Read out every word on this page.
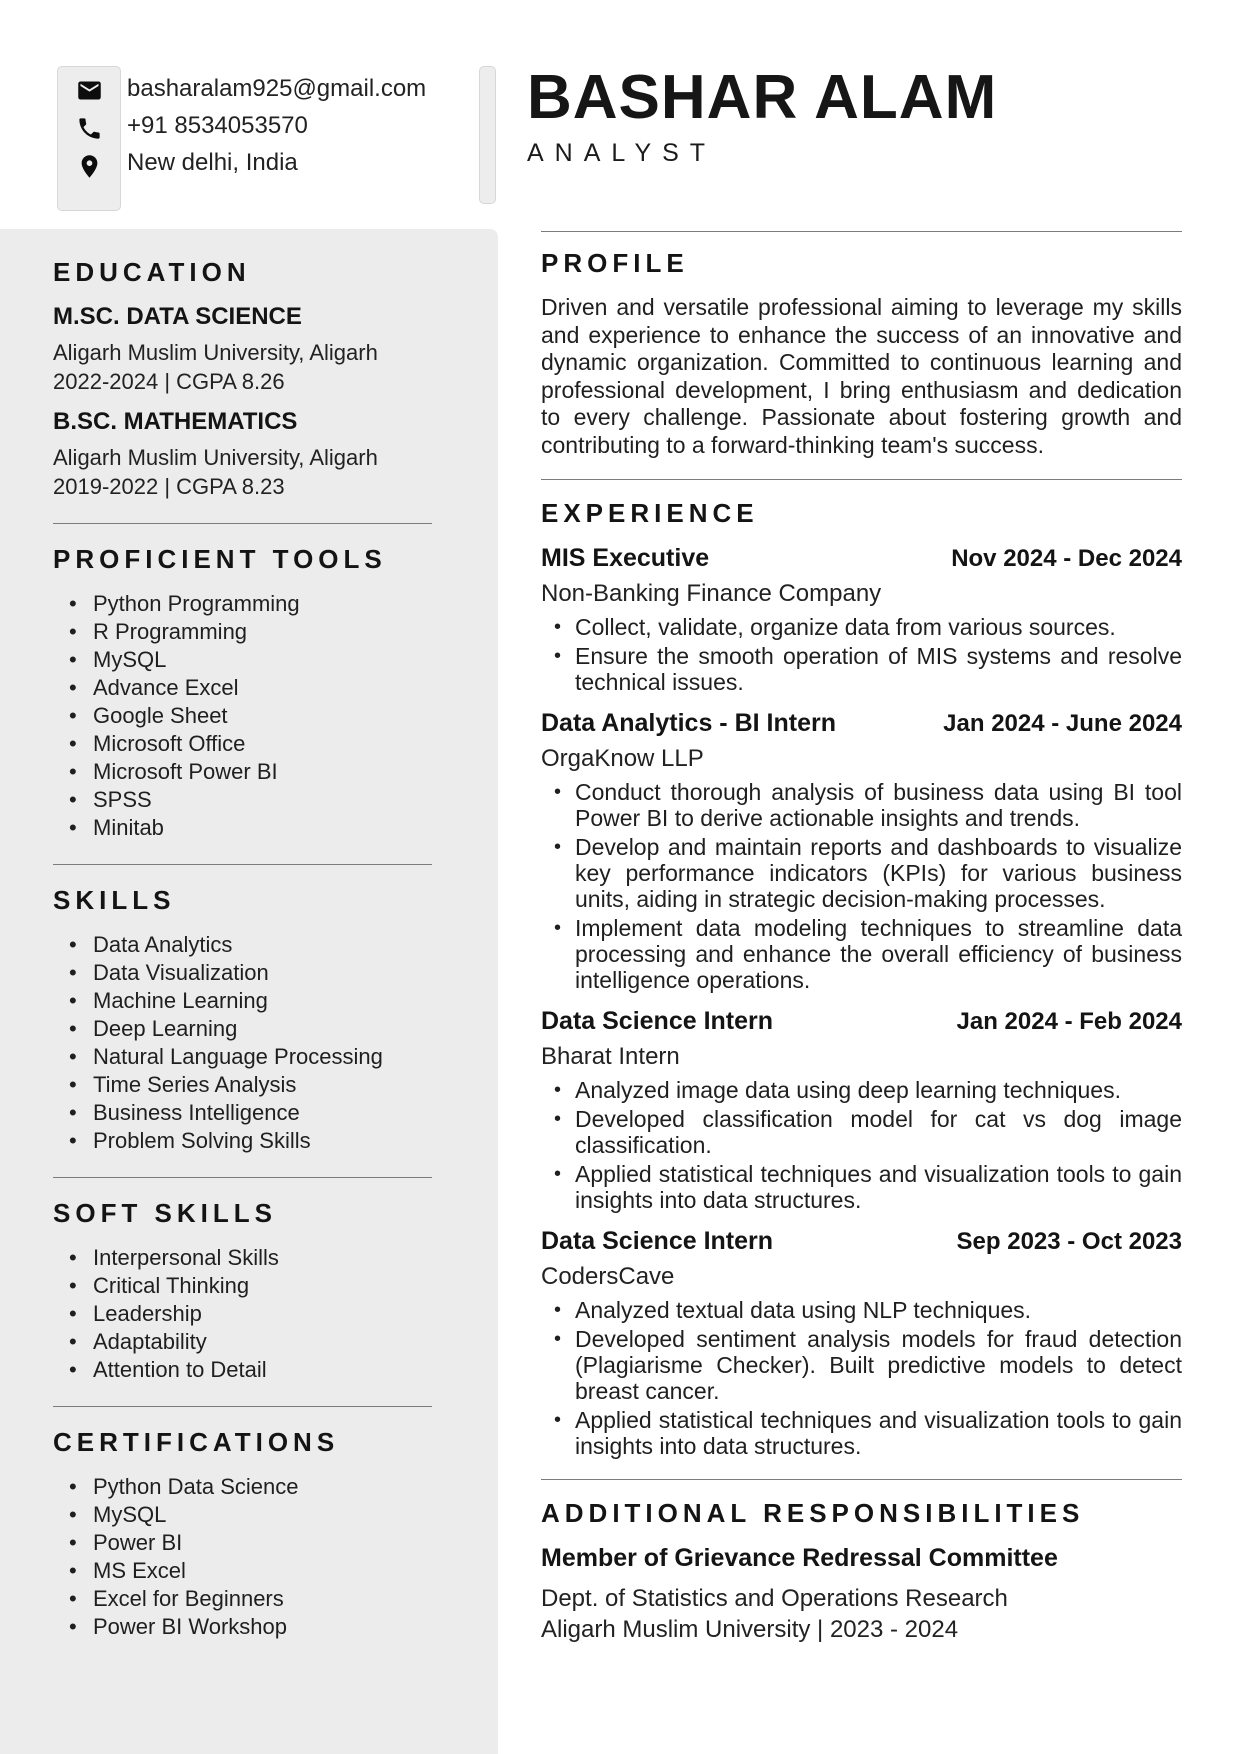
basharalam925@gmail.com
+91 8534053570
New delhi, India
BASHAR ALAM
ANALYST
EDUCATION
M.SC. DATA SCIENCE
Aligarh Muslim University, Aligarh
2022-2024 | CGPA 8.26
B.SC. MATHEMATICS
Aligarh Muslim University, Aligarh
2019-2022 | CGPA 8.23
PROFICIENT TOOLS
• Python Programming
• R Programming
• MySQL
• Advance Excel
• Google Sheet
• Microsoft Office
• Microsoft Power BI
• SPSS
• Minitab
SKILLS
• Data Analytics
• Data Visualization
• Machine Learning
• Deep Learning
• Natural Language Processing
• Time Series Analysis
• Business Intelligence
• Problem Solving Skills
SOFT SKILLS
• Interpersonal Skills
• Critical Thinking
• Leadership
• Adaptability
• Attention to Detail
CERTIFICATIONS
• Python Data Science
• MySQL
• Power BI
• MS Excel
• Excel for Beginners
• Power BI Workshop
PROFILE

Driven and versatile professional aiming to leverage my skills and experience to enhance the success of an innovative and dynamic organization. Committed to continuous learning and professional development, I bring enthusiasm and dedication to every challenge. Passionate about fostering growth and contributing to a forward-thinking team's success.

EXPERIENCE
MIS Executive	Nov 2024 - Dec 2024
Non-Banking Finance Company
• Collect, validate, organize data from various sources.
• Ensure the smooth operation of MIS systems and resolve technical issues.
Data Analytics - BI Intern	Jan 2024 - June 2024
OrgaKnow LLP
• Conduct thorough analysis of business data using BI tool Power BI to derive actionable insights and trends.
• Develop and maintain reports and dashboards to visualize key performance indicators (KPIs) for various business units, aiding in strategic decision-making processes.
• Implement data modeling techniques to streamline data processing and enhance the overall efficiency of business intelligence operations.
Data Science Intern	Jan 2024 - Feb 2024
Bharat Intern
• Analyzed image data using deep learning techniques.
• Developed classification model for cat vs dog image classification.
• Applied statistical techniques and visualization tools to gain insights into data structures.
Data Science Intern	Sep 2023 - Oct 2023
CodersCave
• Analyzed textual data using NLP techniques.
• Developed sentiment analysis models for fraud detection (Plagiarisme Checker). Built predictive models to detect breast cancer.
• Applied statistical techniques and visualization tools to gain insights into data structures.
ADDITIONAL RESPONSIBILITIES
Member of Grievance Redressal Committee
Dept. of Statistics and Operations Research
Aligarh Muslim University | 2023 - 2024
